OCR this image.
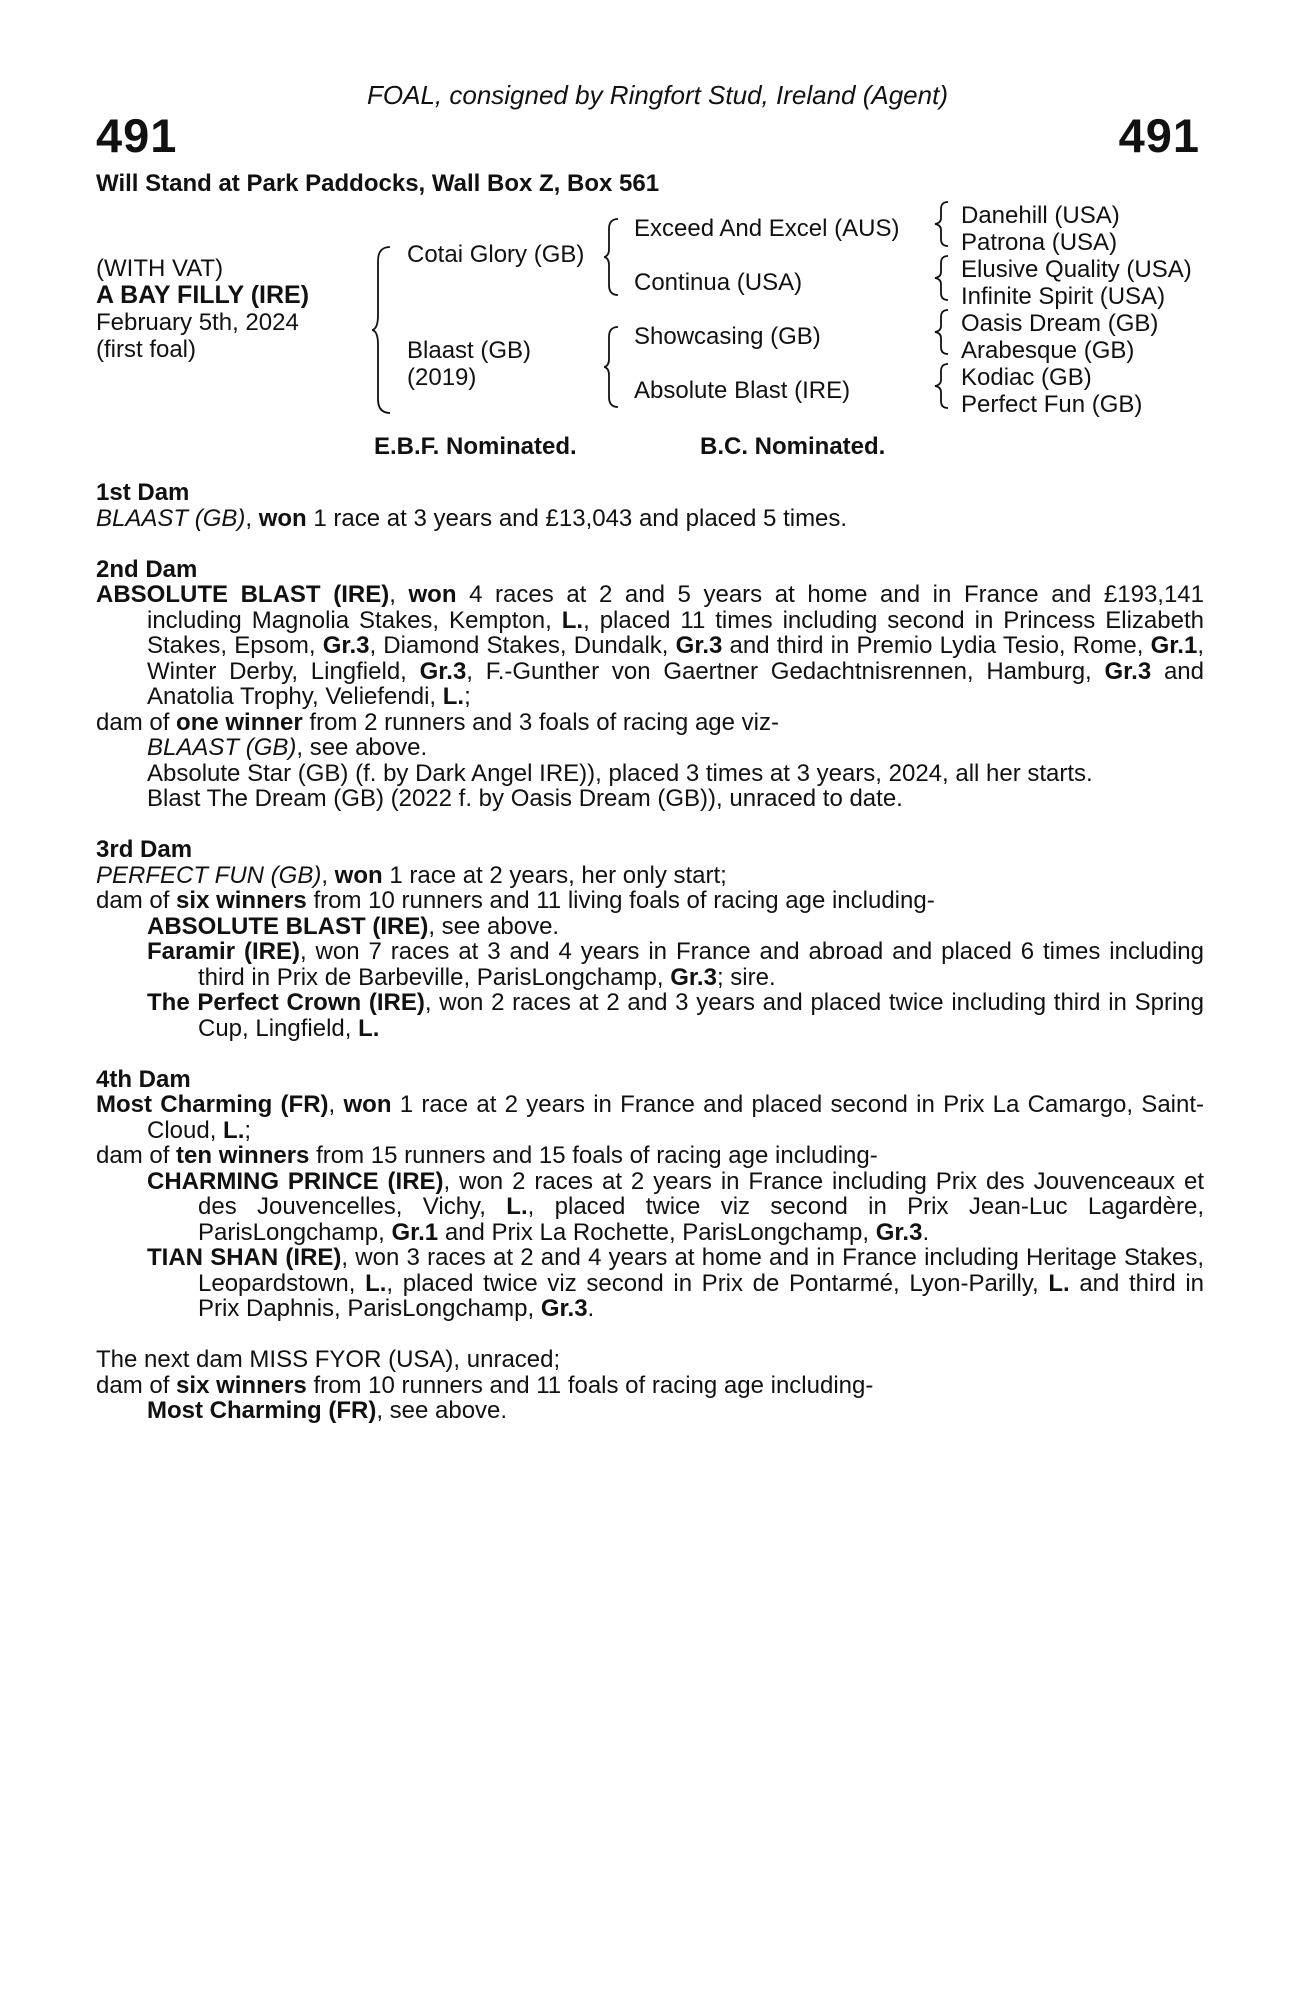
FOAL, consigned by Ringfort Stud, Ireland (Agent)
491	491
Will Stand at Park Paddocks, Wall Box Z, Box 561
(WITH VAT)
A BAY FILLY (IRE)
February 5th, 2024
(first foal)
Cotai Glory (GB)
Blaast (GB)
(2019)
Exceed And Excel (AUS)
Continua (USA)
Showcasing (GB)
Absolute Blast (IRE)
Danehill (USA)
Patrona (USA)
Elusive Quality (USA)
Infinite Spirit (USA)
Oasis Dream (GB)
Arabesque (GB)
Kodiac (GB)
Perfect Fun (GB)
E.B.F. Nominated.	B.C. Nominated.
1st Dam
BLAAST (GB), won 1 race at 3 years and £13,043 and placed 5 times.
2nd Dam
ABSOLUTE BLAST (IRE), won 4 races at 2 and 5 years at home and in France and £193,141 including Magnolia Stakes, Kempton, L., placed 11 times including second in Princess Elizabeth Stakes, Epsom, Gr.3, Diamond Stakes, Dundalk, Gr.3 and third in Premio Lydia Tesio, Rome, Gr.1, Winter Derby, Lingfield, Gr.3, F.-Gunther von Gaertner Gedachtnisrennen, Hamburg, Gr.3 and Anatolia Trophy, Veliefendi, L.;
dam of one winner from 2 runners and 3 foals of racing age viz-
BLAAST (GB), see above.
Absolute Star (GB) (f. by Dark Angel IRE)), placed 3 times at 3 years, 2024, all her starts.
Blast The Dream (GB) (2022 f. by Oasis Dream (GB)), unraced to date.
3rd Dam
PERFECT FUN (GB), won 1 race at 2 years, her only start;
dam of six winners from 10 runners and 11 living foals of racing age including-
ABSOLUTE BLAST (IRE), see above.
Faramir (IRE), won 7 races at 3 and 4 years in France and abroad and placed 6 times including third in Prix de Barbeville, ParisLongchamp, Gr.3; sire.
The Perfect Crown (IRE), won 2 races at 2 and 3 years and placed twice including third in Spring Cup, Lingfield, L.
4th Dam
Most Charming (FR), won 1 race at 2 years in France and placed second in Prix La Camargo, Saint-Cloud, L.;
dam of ten winners from 15 runners and 15 foals of racing age including-
CHARMING PRINCE (IRE), won 2 races at 2 years in France including Prix des Jouvenceaux et des Jouvencelles, Vichy, L., placed twice viz second in Prix Jean-Luc Lagardère, ParisLongchamp, Gr.1 and Prix La Rochette, ParisLongchamp, Gr.3.
TIAN SHAN (IRE), won 3 races at 2 and 4 years at home and in France including Heritage Stakes, Leopardstown, L., placed twice viz second in Prix de Pontarmé, Lyon-Parilly, L. and third in Prix Daphnis, ParisLongchamp, Gr.3.
The next dam MISS FYOR (USA), unraced;
dam of six winners from 10 runners and 11 foals of racing age including-
Most Charming (FR), see above.
